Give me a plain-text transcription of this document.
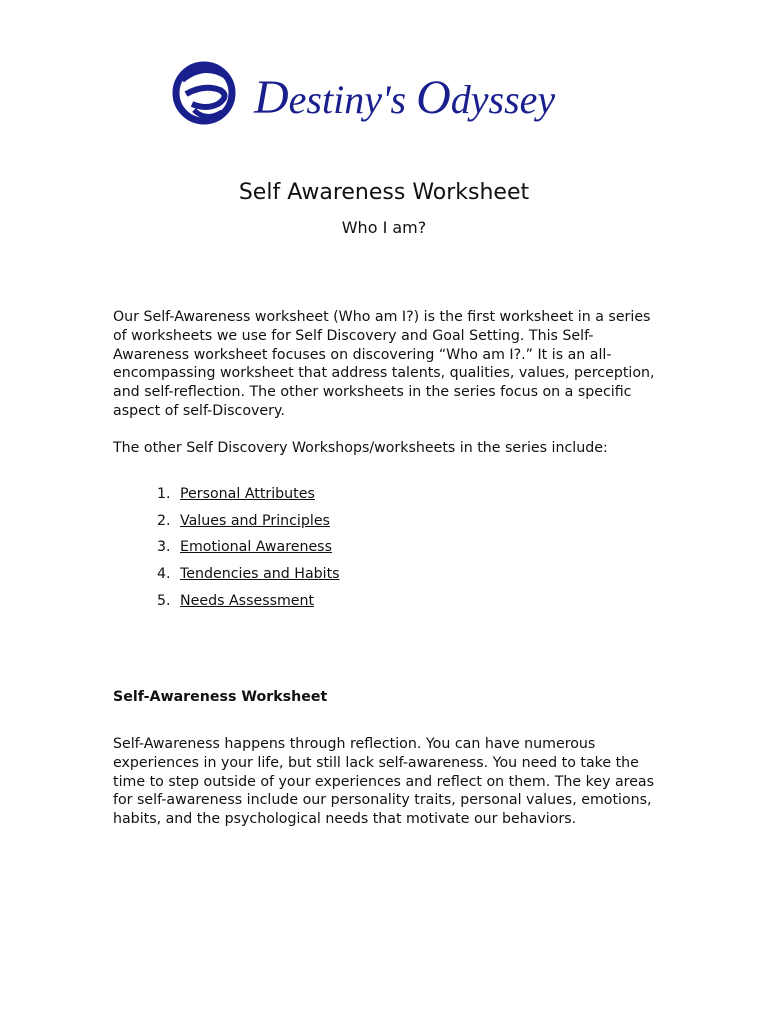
Destiny's Odyssey
Self Awareness Worksheet
Who I am?

Our Self-Awareness worksheet (Who am I?) is the first worksheet in a series of worksheets we use for Self Discovery and Goal Setting. This Self-Awareness worksheet focuses on discovering “Who am I?.” It is an all-encompassing worksheet that address talents, qualities, values, perception, and self-reflection. The other worksheets in the series focus on a specific aspect of self-Discovery.

The other Self Discovery Workshops/worksheets in the series include:

1. Personal Attributes
2. Values and Principles
3. Emotional Awareness
4. Tendencies and Habits
5. Needs Assessment
Self-Awareness Worksheet

Self-Awareness happens through reflection. You can have numerous experiences in your life, but still lack self-awareness. You need to take the time to step outside of your experiences and reflect on them. The key areas for self-awareness include our personality traits, personal values, emotions, habits, and the psychological needs that motivate our behaviors.
